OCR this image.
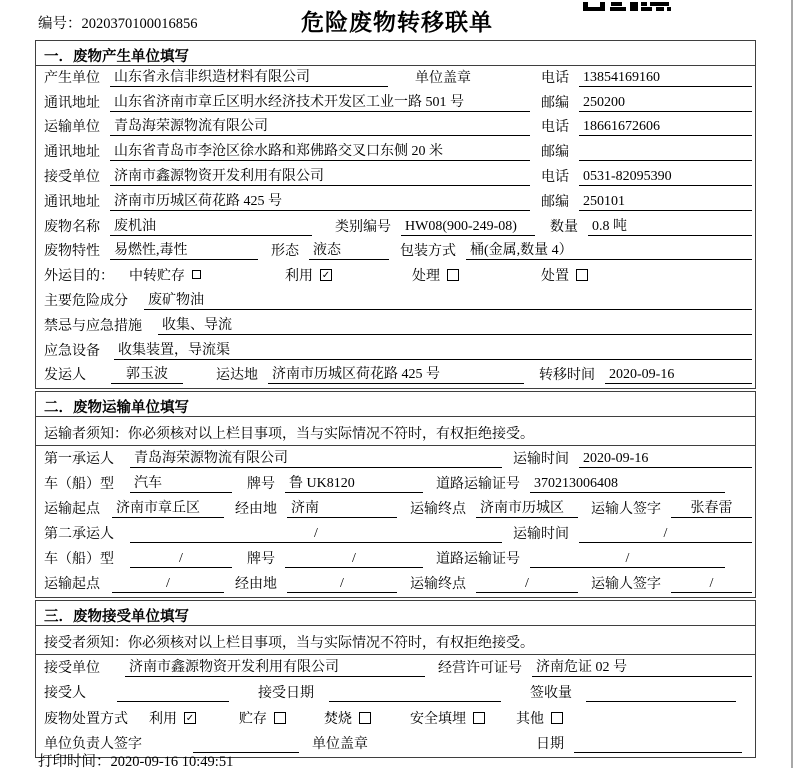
编号：2020370100016856	危险废物转移联单
一．废物产生单位填写
产生单位 山东省永信非织造材料有限公司	单位盖章	电话 13854169160
通讯地址 山东省济南市章丘区明水经济技术开发区工业一路 501 号	邮编 250200
运输单位 青岛海荣源物流有限公司	电话 18661672606
通讯地址 山东省青岛市李沧区徐水路和郑佛路交叉口东侧 20 米	邮编
接受单位 济南市鑫源物资开发利用有限公司	电话 0531-82095390
通讯地址 济南市历城区荷花路 425 号	邮编 250101
废物名称 废机油	类别编号 HW08(900-249-08)	数量 0.8 吨
废物特性 易燃性,毒性	形态 液态	包装方式 桶(金属,数量 4）
外运目的： 中转贮存	利用 ✓	处理	处置
主要危险成分	废矿物油
禁忌与应急措施	收集、导流
应急设备	收集装置，导流渠
发运人	郭玉波	运达地 济南市历城区荷花路 425 号	转移时间 2020-09-16
二．废物运输单位填写
运输者须知：你必须核对以上栏目事项，当与实际情况不符时，有权拒绝接受。
第一承运人	青岛海荣源物流有限公司	运输时间 2020-09-16
车（船）型	汽车	牌号 鲁 UK8120	道路运输证号 370213006408
运输起点 济南市章丘区	经由地 济南	运输终点 济南市历城区	运输人签字	张春雷
第二承运人	/	运输时间	/
车（船）型	/	牌号	/	道路运输证号	/
运输起点	/	经由地	/	运输终点	/	运输人签字	/
三．废物接受单位填写
接受者须知：你必须核对以上栏目事项，当与实际情况不符时，有权拒绝接受。
接受单位 济南市鑫源物资开发利用有限公司	经营许可证号 济南危证 02 号
接受人	接受日期	签收量
废物处置方式 利用 ✓	贮存	焚烧	安全填埋	其他
单位负责人签字	单位盖章	日期
打印时间：2020-09-16 10:49:51
